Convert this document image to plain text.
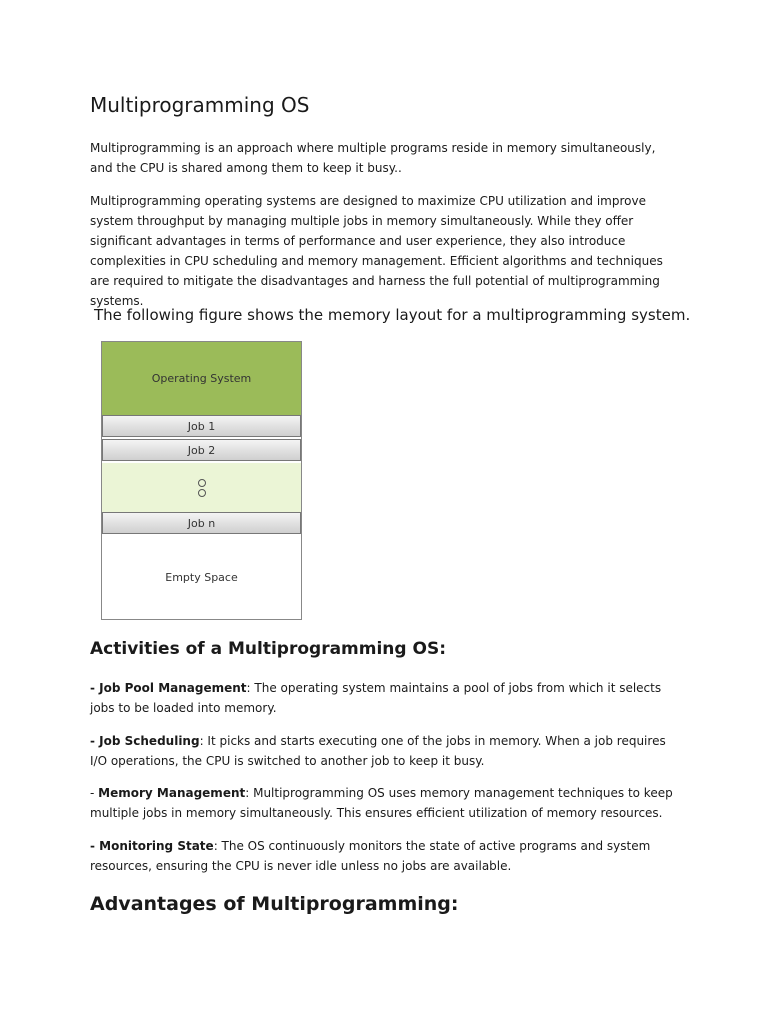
Multiprogramming OS

Multiprogramming is an approach where multiple programs reside in memory simultaneously, and the CPU is shared among them to keep it busy..

Multiprogramming operating systems are designed to maximize CPU utilization and improve system throughput by managing multiple jobs in memory simultaneously. While they offer significant advantages in terms of performance and user experience, they also introduce complexities in CPU scheduling and memory management. Efficient algorithms and techniques are required to mitigate the disadvantages and harness the full potential of multiprogramming systems.

The following figure shows the memory layout for a multiprogramming system.

Activities of a Multiprogramming OS:

- Job Pool Management: The operating system maintains a pool of jobs from which it selects jobs to be loaded into memory.

- Job Scheduling: It picks and starts executing one of the jobs in memory. When a job requires I/O operations, the CPU is switched to another job to keep it busy.

- Memory Management: Multiprogramming OS uses memory management techniques to keep multiple jobs in memory simultaneously. This ensures efficient utilization of memory resources.

- Monitoring State: The OS continuously monitors the state of active programs and system resources, ensuring the CPU is never idle unless no jobs are available.

Advantages of Multiprogramming:
Operating System
Job 1
Job 2
Job n
Empty Space
